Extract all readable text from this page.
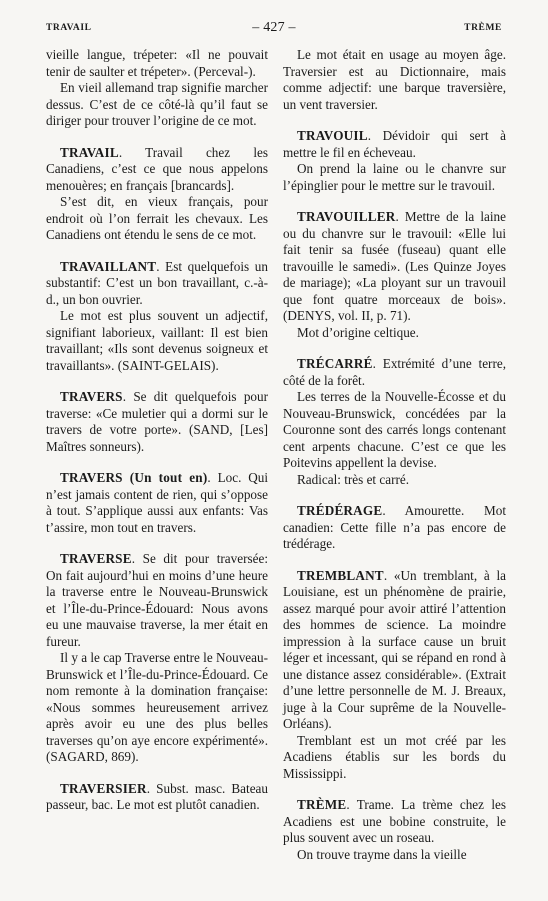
TRAVAIL	– 427 –	TRÈME

vieille langue, trépeter: «Il ne pouvait tenir de saulter et trépeter». (Perceval-).

En vieil allemand trap signifie marcher dessus. C’est de ce côté-là qu’il faut se diriger pour trouver l’origine de ce mot.

TRAVAIL. Travail chez les Canadiens, c’est ce que nous appelons menouères; en français [brancards].

S’est dit, en vieux français, pour endroit où l’on ferrait les chevaux. Les Canadiens ont étendu le sens de ce mot.

TRAVAILLANT. Est quelquefois un substantif: C’est un bon travaillant, c.-à-d., un bon ouvrier.

Le mot est plus souvent un adjectif, signifiant laborieux, vaillant: Il est bien travaillant; «Ils sont devenus soigneux et travaillants». (SAINT-GELAIS).

TRAVERS. Se dit quelquefois pour traverse: «Ce muletier qui a dormi sur le travers de votre porte». (SAND, [Les] Maîtres sonneurs).

TRAVERS (Un tout en). Loc. Qui n’est jamais content de rien, qui s’oppose à tout. S’applique aussi aux enfants: Vas t’assire, mon tout en travers.

TRAVERSE. Se dit pour traversée: On fait aujourd’hui en moins d’une heure la traverse entre le Nouveau-Brunswick et l’Île-du-Prince-Édouard: Nous avons eu une mauvaise traverse, la mer était en fureur.

Il y a le cap Traverse entre le Nouveau-Brunswick et l’Île-du-Prince-Édouard. Ce nom remonte à la domination française: «Nous sommes heureusement arrivez après avoir eu une des plus belles traverses qu’on aye encore expérimenté». (SAGARD, 869).

TRAVERSIER. Subst. masc. Bateau passeur, bac. Le mot est plutôt canadien.

Le mot était en usage au moyen âge. Traversier est au Dictionnaire, mais comme adjectif: une barque traversière, un vent traversier.

TRAVOUIL. Dévidoir qui sert à mettre le fil en écheveau.

On prend la laine ou le chanvre sur l’épinglier pour le mettre sur le travouil.

TRAVOUILLER. Mettre de la laine ou du chanvre sur le travouil: «Elle lui fait tenir sa fusée (fuseau) quant elle travouille le samedi». (Les Quinze Joyes de mariage); «La ployant sur un travouil que font quatre morceaux de bois». (DENYS, vol. II, p. 71).

Mot d’origine celtique.

TRÉCARRÉ. Extrémité d’une terre, côté de la forêt.

Les terres de la Nouvelle-Écosse et du Nouveau-Brunswick, concédées par la Couronne sont des carrés longs contenant cent arpents chacune. C’est ce que les Poitevins appellent la devise.

Radical: très et carré.

TRÉDÉRAGE. Amourette. Mot canadien: Cette fille n’a pas encore de trédérage.

TREMBLANT. «Un tremblant, à la Louisiane, est un phénomène de prairie, assez marqué pour avoir attiré l’attention des hommes de science. La moindre impression à la surface cause un bruit léger et incessant, qui se répand en rond à une distance assez considérable». (Extrait d’une lettre personnelle de M. J. Breaux, juge à la Cour suprême de la Nouvelle-Orléans).

Tremblant est un mot créé par les Acadiens établis sur les bords du Mississippi.

TRÈME. Trame. La trème chez les Acadiens est une bobine construite, le plus souvent avec un roseau.

On trouve trayme dans la vieille
